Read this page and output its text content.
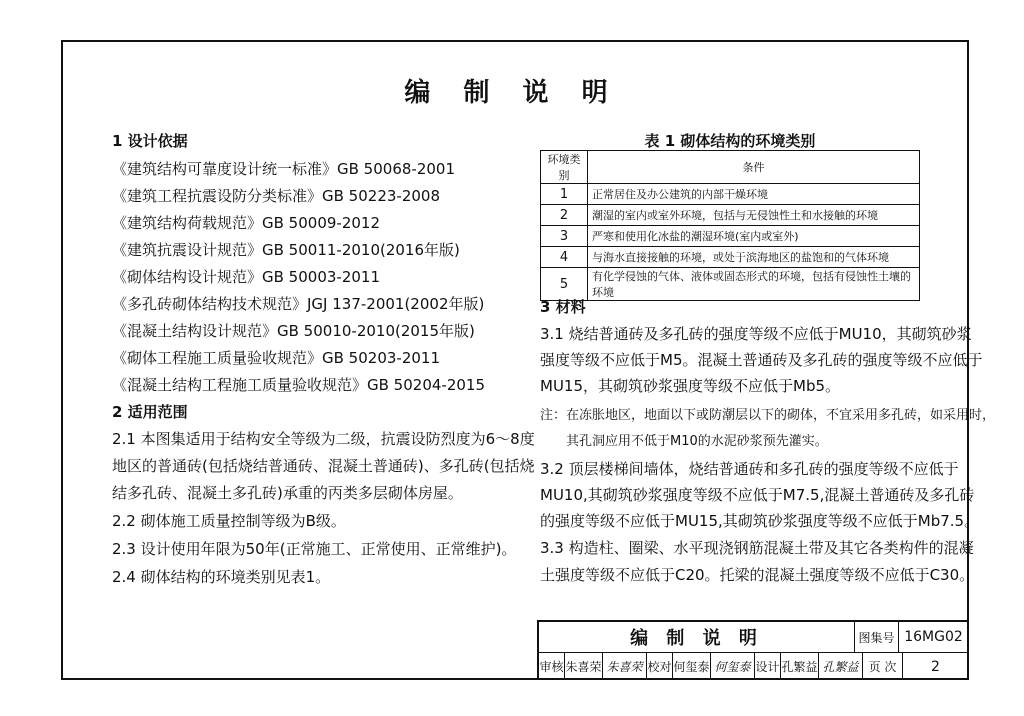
编 制 说 明
1 设计依据
《建筑结构可靠度设计统一标准》GB 50068-2001
《建筑工程抗震设防分类标准》GB 50223-2008
《建筑结构荷载规范》GB 50009-2012
《建筑抗震设计规范》GB 50011-2010(2016年版)
《砌体结构设计规范》GB 50003-2011
《多孔砖砌体结构技术规范》JGJ 137-2001(2002年版)
《混凝土结构设计规范》GB 50010-2010(2015年版)
《砌体工程施工质量验收规范》GB 50203-2011
《混凝土结构工程施工质量验收规范》GB 50204-2015
2 适用范围
2.1 本图集适用于结构安全等级为二级，抗震设防烈度为6～8度
地区的普通砖(包括烧结普通砖、混凝土普通砖)、多孔砖(包括烧
结多孔砖、混凝土多孔砖)承重的丙类多层砌体房屋。
2.2 砌体施工质量控制等级为B级。
2.3 设计使用年限为50年(正常施工、正常使用、正常维护)。
2.4 砌体结构的环境类别见表1。
表 1 砌体结构的环境类别
环境类别	条件
1	正常居住及办公建筑的内部干燥环境
2	潮湿的室内或室外环境，包括与无侵蚀性土和水接触的环境
3	严寒和使用化冰盐的潮湿环境(室内或室外)
4	与海水直接接触的环境，或处于滨海地区的盐饱和的气体环境
5	有化学侵蚀的气体、液体或固态形式的环境，包括有侵蚀性土壤的环境
3 材料
3.1 烧结普通砖及多孔砖的强度等级不应低于MU10，其砌筑砂浆
强度等级不应低于M5。混凝土普通砖及多孔砖的强度等级不应低于
MU15，其砌筑砂浆强度等级不应低于Mb5。
注：在冻胀地区，地面以下或防潮层以下的砌体，不宜采用多孔砖，如采用时，
其孔洞应用不低于M10的水泥砂浆预先灌实。
3.2 顶层楼梯间墙体，烧结普通砖和多孔砖的强度等级不应低于
MU10,其砌筑砂浆强度等级不应低于M7.5,混凝土普通砖及多孔砖
的强度等级不应低于MU15,其砌筑砂浆强度等级不应低于Mb7.5。
3.3 构造柱、圈梁、水平现浇钢筋混凝土带及其它各类构件的混凝
土强度等级不应低于C20。托梁的混凝土强度等级不应低于C30。
编 制 说 明	图集号 16MG02
审核 朱喜荣 朱喜荣 校对 何玺泰 何玺泰 设计 孔繁益 孔繁益 页 次	2
